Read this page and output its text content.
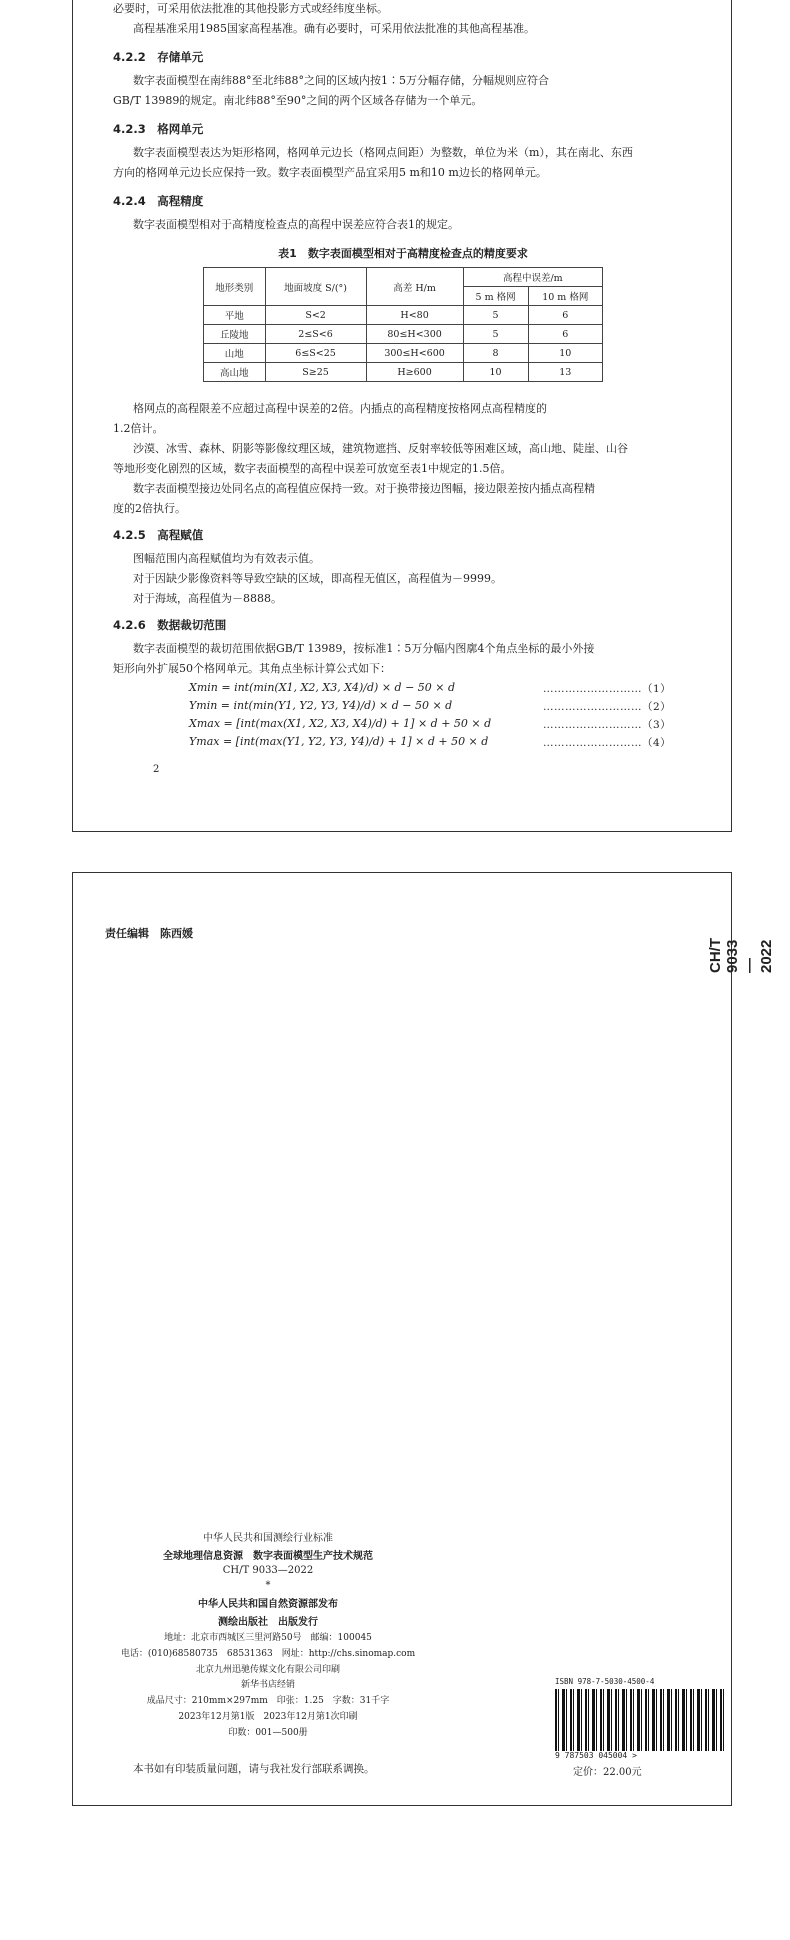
必要时，可采用依法批准的其他投影方式或经纬度坐标。
高程基准采用1985国家高程基准。确有必要时，可采用依法批准的其他高程基准。
4.2.2　存储单元
数字表面模型在南纬88°至北纬88°之间的区域内按1∶5万分幅存储，分幅规则应符合
GB/T 13989的规定。南北纬88°至90°之间的两个区域各存储为一个单元。
4.2.3　格网单元
数字表面模型表达为矩形格网，格网单元边长（格网点间距）为整数，单位为米（m），其在南北、东西
方向的格网单元边长应保持一致。数字表面模型产品宜采用5 m和10 m边长的格网单元。
4.2.4　高程精度
数字表面模型相对于高精度检查点的高程中误差应符合表1的规定。
表1　数字表面模型相对于高精度检查点的精度要求
地形类别	地面坡度 S/(°)	高差 H/m	高程中误差/m	
			5 m 格网	10 m 格网
平地	S<2	H<80	5	6
丘陵地	2≤S<6	80≤H<300	5	6
山地	6≤S<25	300≤H<600	8	10
高山地	S≥25	H≥600	10	13
格网点的高程限差不应超过高程中误差的2倍。内插点的高程精度按格网点高程精度的
1.2倍计。
沙漠、冰雪、森林、阴影等影像纹理区域，建筑物遮挡、反射率较低等困难区域，高山地、陡崖、山谷
等地形变化剧烈的区域，数字表面模型的高程中误差可放宽至表1中规定的1.5倍。
数字表面模型接边处同名点的高程值应保持一致。对于换带接边图幅，接边限差按内插点高程精
度的2倍执行。
4.2.5　高程赋值
图幅范围内高程赋值均为有效表示值。
对于因缺少影像资料等导致空缺的区域，即高程无值区，高程值为－9999。
对于海域，高程值为－8888。
4.2.6　数据裁切范围
数字表面模型的裁切范围依据GB/T 13989，按标准1∶5万分幅内图廓4个角点坐标的最小外接
矩形向外扩展50个格网单元。其角点坐标计算公式如下：
Xmin = int(min(X1, X2, X3, X4)/d) × d − 50 × d	………………………（1）
Ymin = int(min(Y1, Y2, Y3, Y4)/d) × d − 50 × d	………………………（2）
Xmax = [int(max(X1, X2, X3, X4)/d) + 1] × d + 50 × d	………………………（3）
Ymax = [int(max(Y1, Y2, Y3, Y4)/d) + 1] × d + 50 × d	………………………（4）
2
责任编辑　陈西媛
CH/T 9033—2022
中华人民共和国测绘行业标准
全球地理信息资源　数字表面模型生产技术规范
CH/T 9033—2022
*
中华人民共和国自然资源部发布
测绘出版社　出版发行
地址：北京市西城区三里河路50号　邮编：100045
电话：(010)68580735　68531363　网址：http://chs.sinomap.com
北京九州迅驰传媒文化有限公司印刷
新华书店经销
成品尺寸：210mm×297mm　印张：1.25　字数：31千字
2023年12月第1版　2023年12月第1次印刷
印数：001—500册
ISBN 978-7-5030-4500-4
9 787503 045004 >
定价：22.00元
本书如有印装质量问题，请与我社发行部联系调换。
